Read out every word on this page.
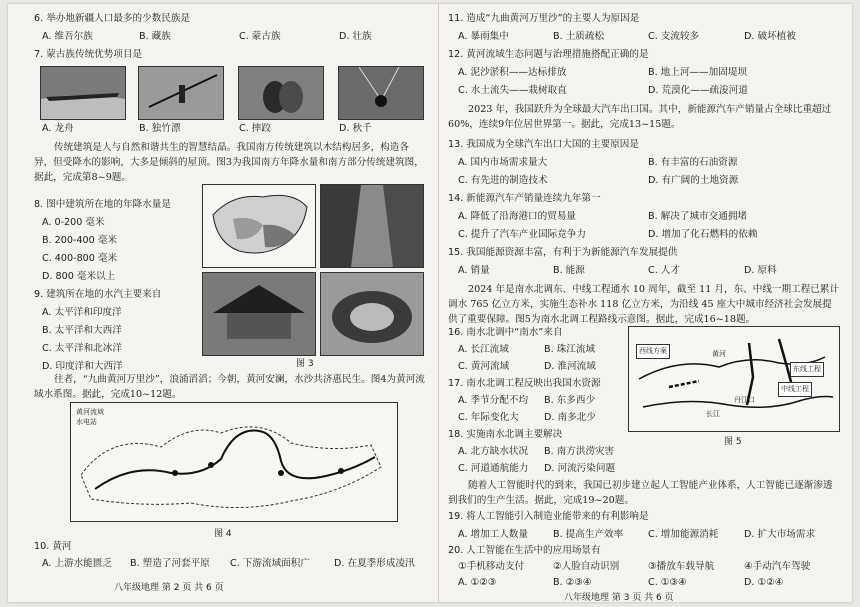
6. 举办地新疆人口最多的少数民族是
A. 维吾尔族	B. 藏族	C. 蒙古族	D. 壮族
7. 蒙古族传统优势项目是
A. 龙舟	B. 独竹漂	C. 摔跤	D. 秋千
传统建筑是人与自然和谐共生的智慧结晶。我国南方传统建筑以木结构居多，构造各异，但受降水的影响，大多是倾斜的屋顶。图3为我国南方年降水量和南方部分传统建筑图，据此，完成第8~9题。
8. 图中建筑所在地的年降水量是
A. 0-200 毫米
B. 200-400 毫米
C. 400-800 毫米
D. 800 毫米以上
9. 建筑所在地的水汽主要来自
A. 太平洋和印度洋
B. 太平洋和大西洋
C. 太平洋和北冰洋
D. 印度洋和大西洋	图 3
往者，“九曲黄河万里沙”，浪涌滔滔；今朝，黄河安澜，水沙共济惠民生。图4为黄河流域水系图。据此，完成10~12题。
黄河流域
水电站
图 4
10. 黄河
A. 上游水能匮乏 B. 塑造了河套平原 C. 下游流域面积广	D. 在夏季形成凌汛
八年级地理 第 2 页 共 6 页
11. 造成“九曲黄河万里沙”的主要人为原因是
A. 暴雨集中	B. 土质疏松	C. 支流较多	D. 破坏植被
12. 黄河流域生态问题与治理措施搭配正确的是
A. 泥沙淤积——达标排放	B. 地上河——加固堤坝
C. 水土流失——栽树取直	D. 荒漠化——疏浚河道
2023 年，我国跃升为全球最大汽车出口国。其中，新能源汽车产销量占全球比重超过60%，连续9年位居世界第一。据此，完成13~15题。
13. 我国成为全球汽车出口大国的主要原因是
A. 国内市场需求量大	B. 有丰富的石油资源
C. 有先进的制造技术	D. 有广阔的土地资源
14. 新能源汽车产销量连续九年第一
A. 降低了沿海港口的贸易量	B. 解决了城市交通拥堵
C. 提升了汽车产业国际竞争力	D. 增加了化石燃料的依赖
15. 我国能源资源丰富，有利于为新能源汽车发展提供
A. 销量	B. 能源	C. 人才	D. 原料
2024 年是南水北调东、中线工程通水 10 周年，截至 11 月，东、中线一期工程已累计调水 765 亿立方米，实施生态补水 118 亿立方米，为沿线 45 座大中城市经济社会发展提供了重要保障。图5为南水北调工程路线示意图。据此，完成16~18题。
16. 南水北调中“南水”来自
A. 长江流域	B. 珠江流域
C. 黄河流域	D. 淮河流域
17. 南水北调工程反映出我国水资源
A. 季节分配不均 B. 东多西少
C. 年际变化大	D. 南多北少
18. 实施南水北调主要解决
A. 北方缺水状况 B. 南方洪涝灾害
C. 河道通航能力 D. 河流污染问题
西线方案
东线工程
中线工程
丹江口
黄河
长江
图 5
随着人工智能时代的到来，我国已初步建立起人工智能产业体系，人工智能已逐渐渗透到我们的生产生活。据此，完成19~20题。
19. 将人工智能引入制造业能带来的有利影响是
A. 增加工人数量	B. 提高生产效率	C. 增加能源消耗	D. 扩大市场需求
20. 人工智能在生活中的应用场景有
①手机移动支付	②人脸自动识别	③播放车载导航	④手动汽车驾驶
A. ①②③	B. ②③④	C. ①③④	D. ①②④
八年级地理 第 3 页 共 6 页
